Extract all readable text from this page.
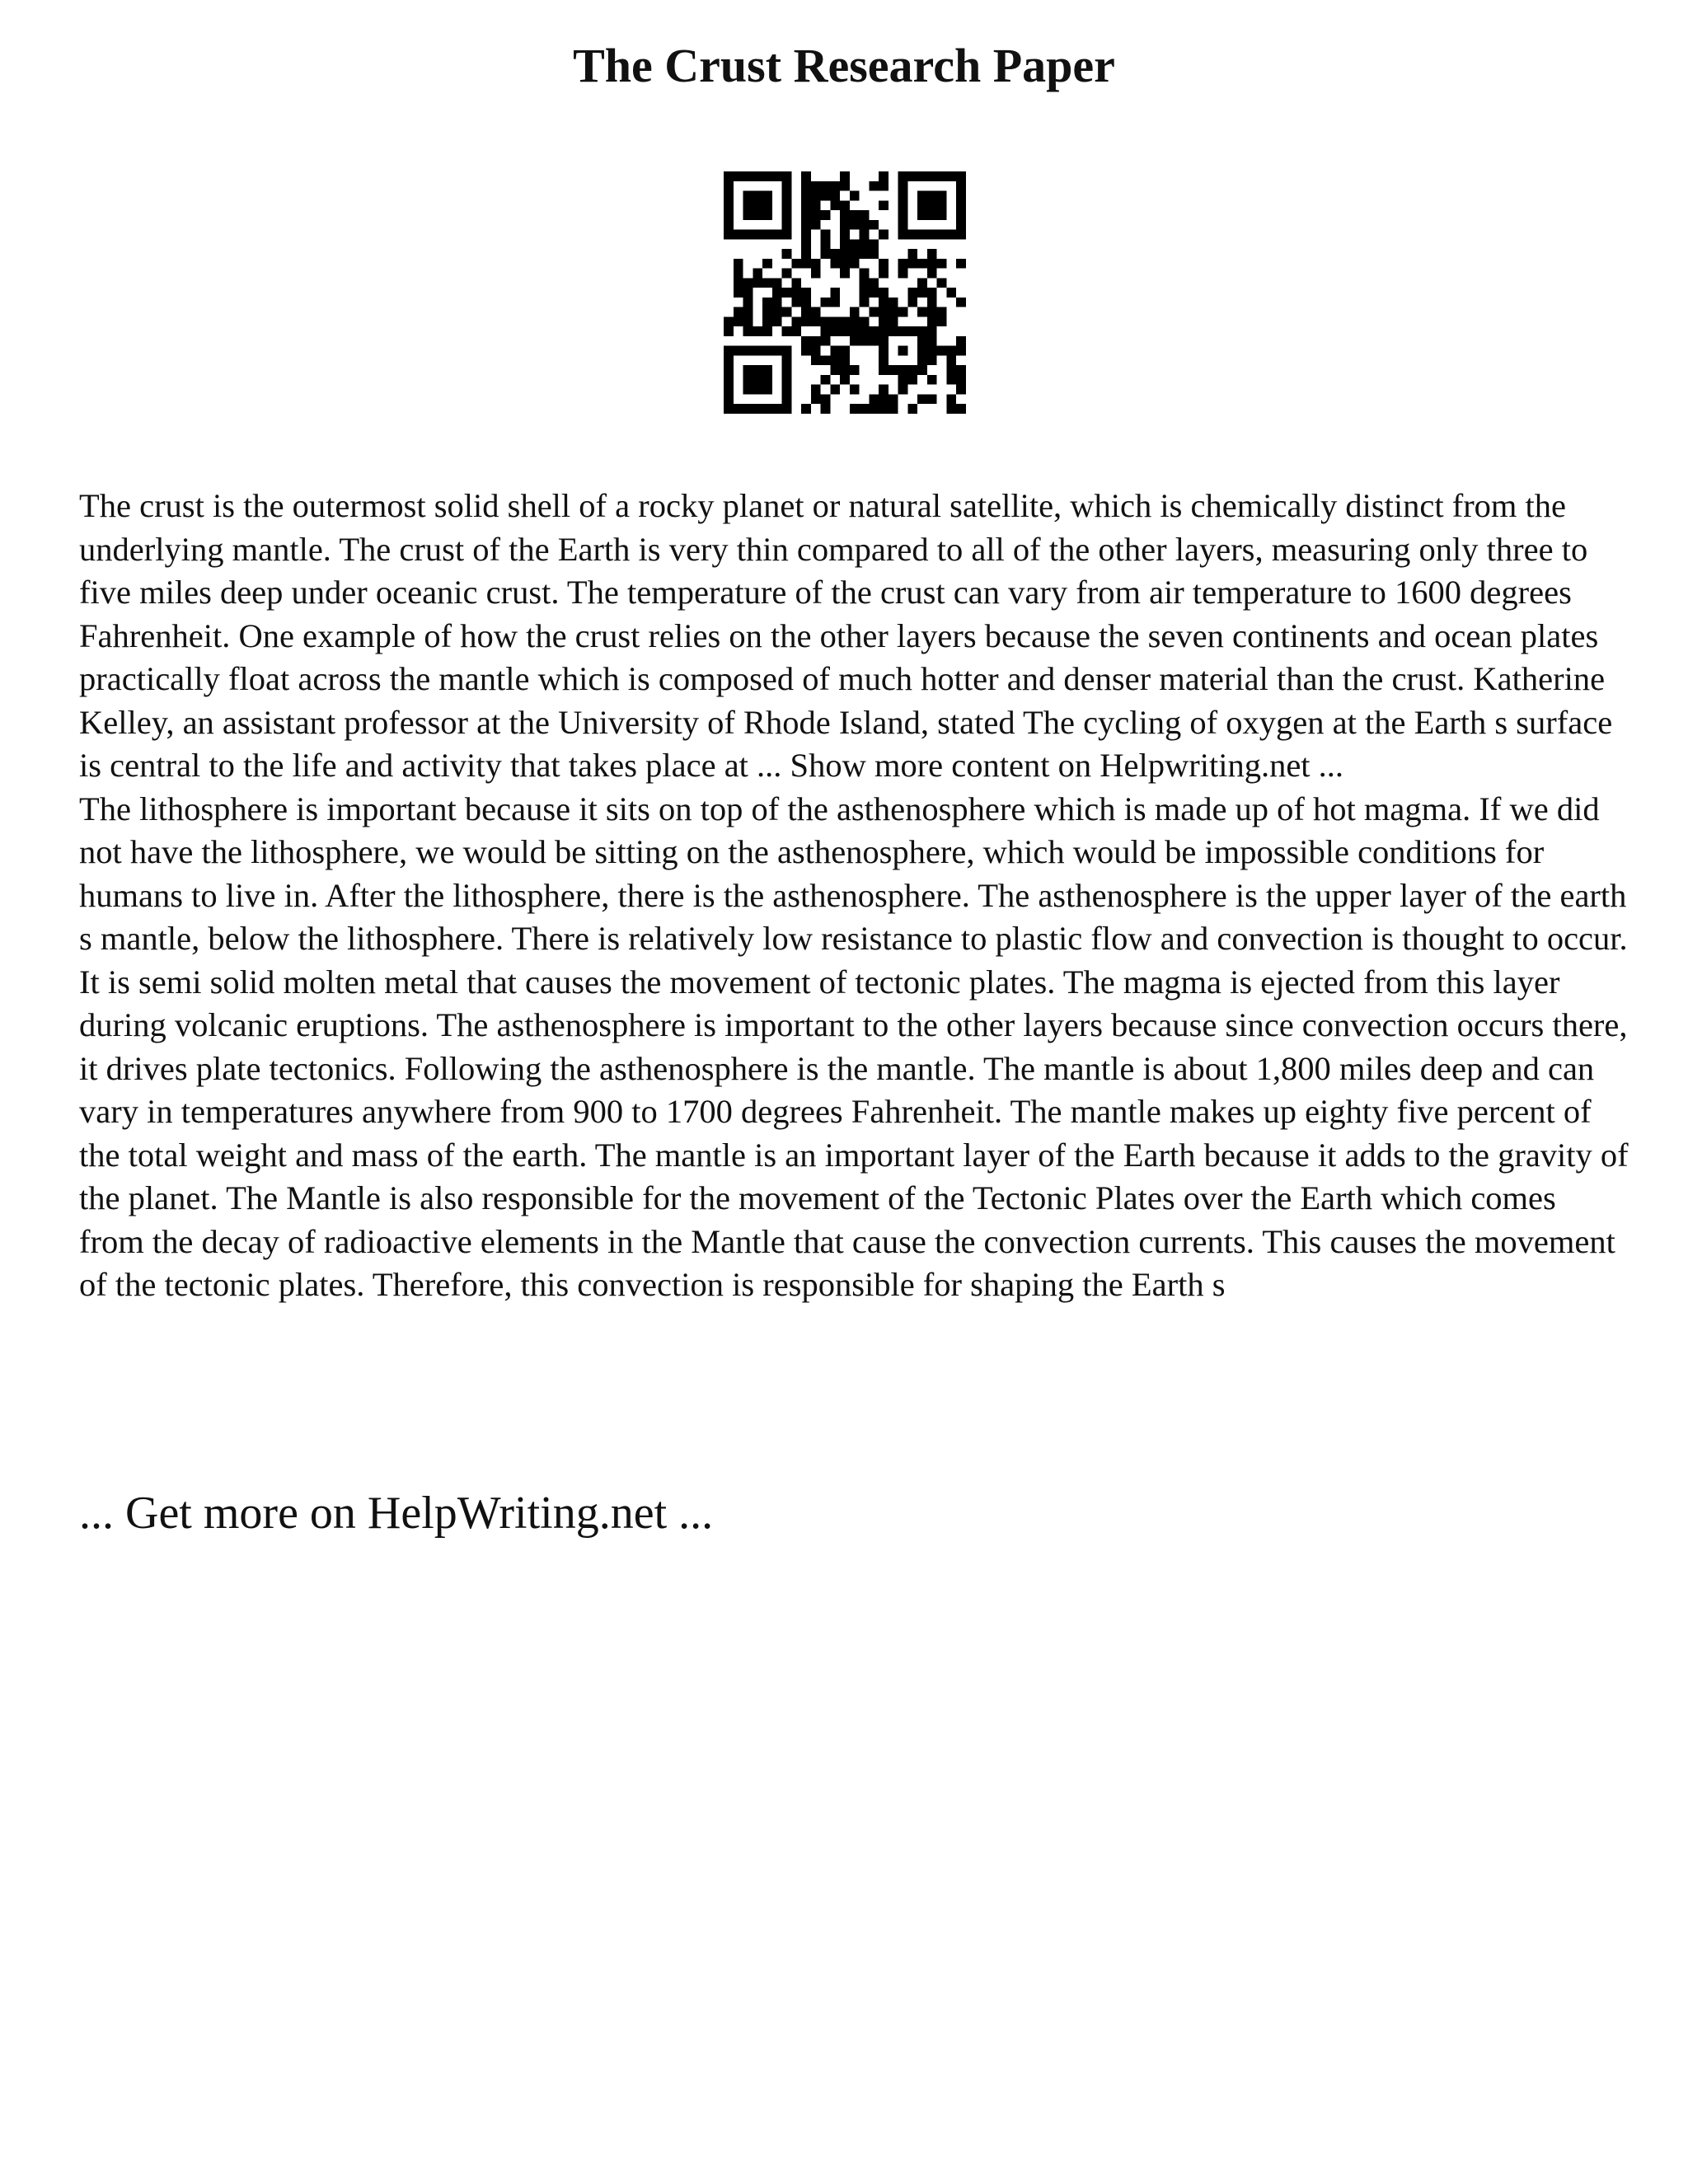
The Crust Research Paper

The crust is the outermost solid shell of a rocky planet or natural satellite, which is chemically distinct from the underlying mantle. The crust of the Earth is very thin compared to all of the other layers, measuring only three to five miles deep under oceanic crust. The temperature of the crust can vary from air temperature to 1600 degrees Fahrenheit. One example of how the crust relies on the other layers because the seven continents and ocean plates practically float across the mantle which is composed of much hotter and denser material than the crust. Katherine Kelley, an assistant professor at the University of Rhode Island, stated The cycling of oxygen at the Earth s surface is central to the life and activity that takes place at ... Show more content on Helpwriting.net ...

The lithosphere is important because it sits on top of the asthenosphere which is made up of hot magma. If we did not have the lithosphere, we would be sitting on the asthenosphere, which would be impossible conditions for humans to live in. After the lithosphere, there is the asthenosphere. The asthenosphere is the upper layer of the earth s mantle, below the lithosphere. There is relatively low resistance to plastic flow and convection is thought to occur. It is semi solid molten metal that causes the movement of tectonic plates. The magma is ejected from this layer during volcanic eruptions. The asthenosphere is important to the other layers because since convection occurs there, it drives plate tectonics. Following the asthenosphere is the mantle. The mantle is about 1,800 miles deep and can vary in temperatures anywhere from 900 to 1700 degrees Fahrenheit. The mantle makes up eighty five percent of the total weight and mass of the earth. The mantle is an important layer of the Earth because it adds to the gravity of the planet. The Mantle is also responsible for the movement of the Tectonic Plates over the Earth which comes from the decay of radioactive elements in the Mantle that cause the convection currents. This causes the movement of the tectonic plates. Therefore, this convection is responsible for shaping the Earth s

... Get more on HelpWriting.net ...
